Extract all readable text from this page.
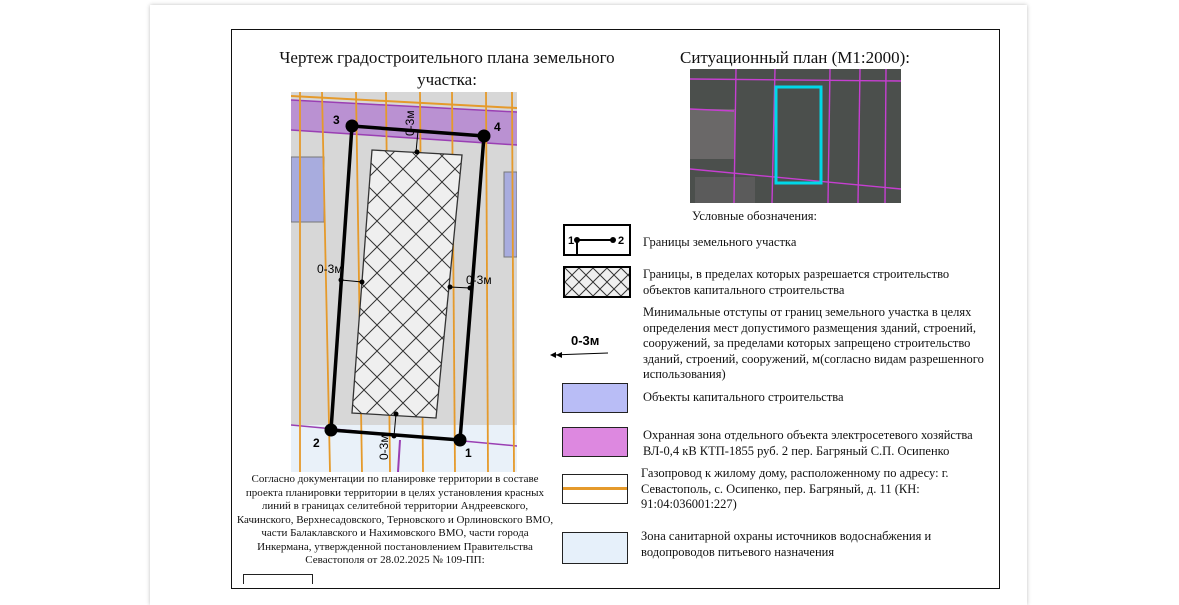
Чертеж градостроительного плана земельного участка:
Ситуационный план (М1:2000):
3	4
2
1
0-3м
0-3м
0-3м
0-3м
Условные обозначения:
1	2 Границы земельного участка
Границы, в пределах которых разрешается строительство объектов капитального строительства
0-3м
Минимальные отступы от границ земельного участка в целях определения мест допустимого размещения зданий, строений, сооружений, за пределами которых запрещено строительство зданий, строений, сооружений, м(согласно видам разрешенного использования)
Объекты капитального строительства
Охранная зона отдельного объекта электросетевого хозяйства ВЛ-0,4 кВ КТП-1855 руб. 2 пер. Багряный С.П. Осипенко
Газопровод к жилому дому, расположенному по адресу: г. Севастополь, с. Осипенко, пер. Багряный, д. 11 (КН: 91:04:036001:227)
Зона санитарной охраны источников водоснабжения и водопроводов питьевого назначения
Согласно документации по планировке территории в составе проекта планировки территории в целях установления красных линий в границах селитебной территории Андреевского, Качинского, Верхнесадовского, Терновского и Орлиновского ВМО, части Балаклавского и Нахимовского ВМО, части города Инкермана, утвержденной постановлением Правительства Севастополя от 28.02.2025 № 109-ПП:
